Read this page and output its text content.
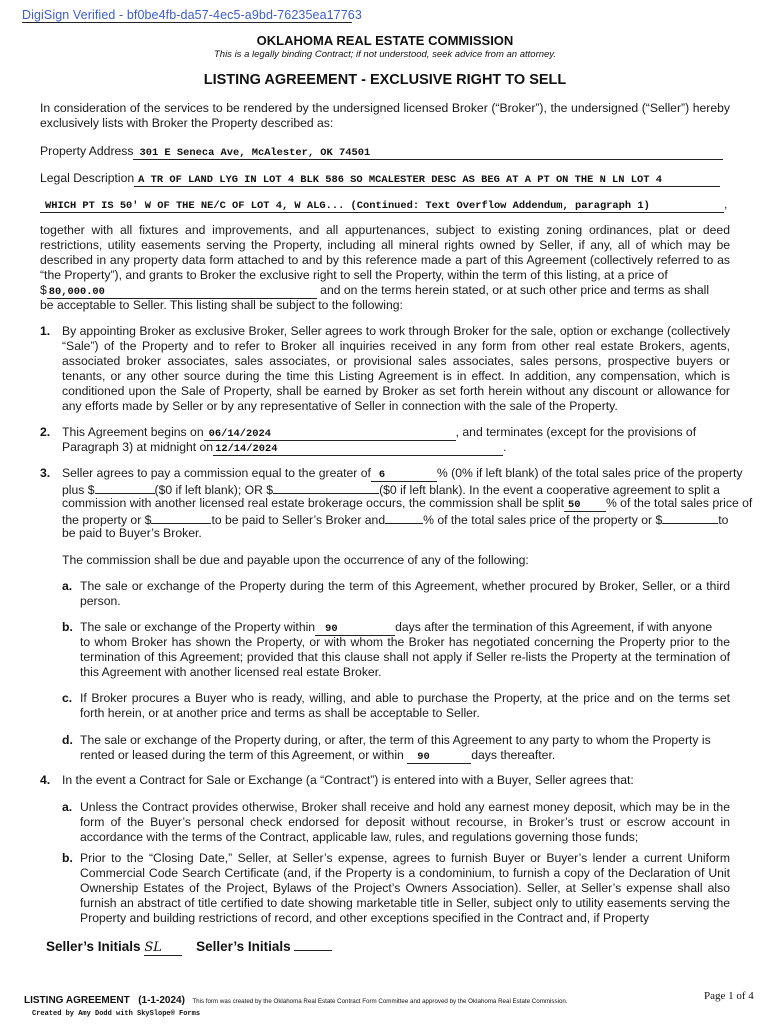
DigiSign Verified - bf0be4fb-da57-4ec5-a9bd-76235ea17763
OKLAHOMA REAL ESTATE COMMISSION
This is a legally binding Contract; if not understood, seek advice from an attorney.
LISTING AGREEMENT - EXCLUSIVE RIGHT TO SELL
In consideration of the services to be rendered by the undersigned licensed Broker (“Broker”), the undersigned (“Seller”) hereby exclusively lists with Broker the Property described as:
Property Address 301 E Seneca Ave, McAlester, OK 74501
Legal Description A TR OF LAND LYG IN LOT 4 BLK 586 SO MCALESTER DESC AS BEG AT A PT ON THE N LN LOT 4
WHICH PT IS 50' W OF THE NE/C OF LOT 4, W ALG... (Continued: Text Overflow Addendum, paragraph 1)	,
together with all fixtures and improvements, and all appurtenances, subject to existing zoning ordinances, plat or deed restrictions, utility easements serving the Property, including all mineral rights owned by Seller, if any, all of which may be described in any property data form attached to and by this reference made a part of this Agreement (collectively referred to as “the Property”), and grants to Broker the exclusive right to sell the Property, within the term of this listing, at a price of
$ 80,000.00	and on the terms herein stated, or at such other price and terms as shall
be acceptable to Seller. This listing shall be subject to the following:
1. By appointing Broker as exclusive Broker, Seller agrees to work through Broker for the sale, option or exchange (collectively “Sale”) of the Property and to refer to Broker all inquiries received in any form from other real estate Brokers, agents, associated broker associates, sales associates, or provisional sales associates, sales persons, prospective buyers or tenants, or any other source during the time this Listing Agreement is in effect. In addition, any compensation, which is conditioned upon the Sale of Property, shall be earned by Broker as set forth herein without any discount or allowance for any efforts made by Seller or by any representative of Seller in connection with the sale of the Property.
2. This Agreement begins on 06/14/2024	, and terminates (except for the provisions of
Paragraph 3) at midnight on 12/14/2024	.
3. Seller agrees to pay a commission equal to the greater of 6	% (0% if left blank) of the total sales price of the property
plus $	($0 if left blank); OR $	($0 if left blank). In the event a cooperative agreement to split a
commission with another licensed real estate brokerage occurs, the commission shall be split 50 % of the total sales price of
the property or $	to be paid to Seller’s Broker and	% of the total sales price of the property or $	to
be paid to Buyer’s Broker.
The commission shall be due and payable upon the occurrence of any of the following:
a. The sale or exchange of the Property during the term of this Agreement, whether procured by Broker, Seller, or a third person.
b. The sale or exchange of the Property within 90	days after the termination of this Agreement, if with anyone
to whom Broker has shown the Property, or with whom the Broker has negotiated concerning the Property prior to the termination of this Agreement; provided that this clause shall not apply if Seller re-lists the Property at the termination of this Agreement with another licensed real estate Broker.
c. If Broker procures a Buyer who is ready, willing, and able to purchase the Property, at the price and on the terms set forth herein, or at another price and terms as shall be acceptable to Seller.
d. The sale or exchange of the Property during, or after, the term of this Agreement to any party to whom the Property is
rented or leased during the term of this Agreement, or within 90	days thereafter.
4. In the event a Contract for Sale or Exchange (a “Contract”) is entered into with a Buyer, Seller agrees that:
a. Unless the Contract provides otherwise, Broker shall receive and hold any earnest money deposit, which may be in the form of the Buyer’s personal check endorsed for deposit without recourse, in Broker’s trust or escrow account in accordance with the terms of the Contract, applicable law, rules, and regulations governing those funds;
b. Prior to the “Closing Date,” Seller, at Seller’s expense, agrees to furnish Buyer or Buyer’s lender a current Uniform Commercial Code Search Certificate (and, if the Property is a condominium, to furnish a copy of the Declaration of Unit Ownership Estates of the Project, Bylaws of the Project’s Owners Association). Seller, at Seller’s expense shall also furnish an abstract of title certified to date showing marketable title in Seller, subject only to utility easements serving the Property and building restrictions of record, and other exceptions specified in the Contract and, if Property
Seller’s Initials SL	Seller’s Initials
LISTING AGREEMENT (1-1-2024) This form was created by the Oklahoma Real Estate Contract Form Committee and approved by the Oklahoma Real Estate Commission.	Page 1 of 4
Created by Amy Dodd with SkySlope® Forms
